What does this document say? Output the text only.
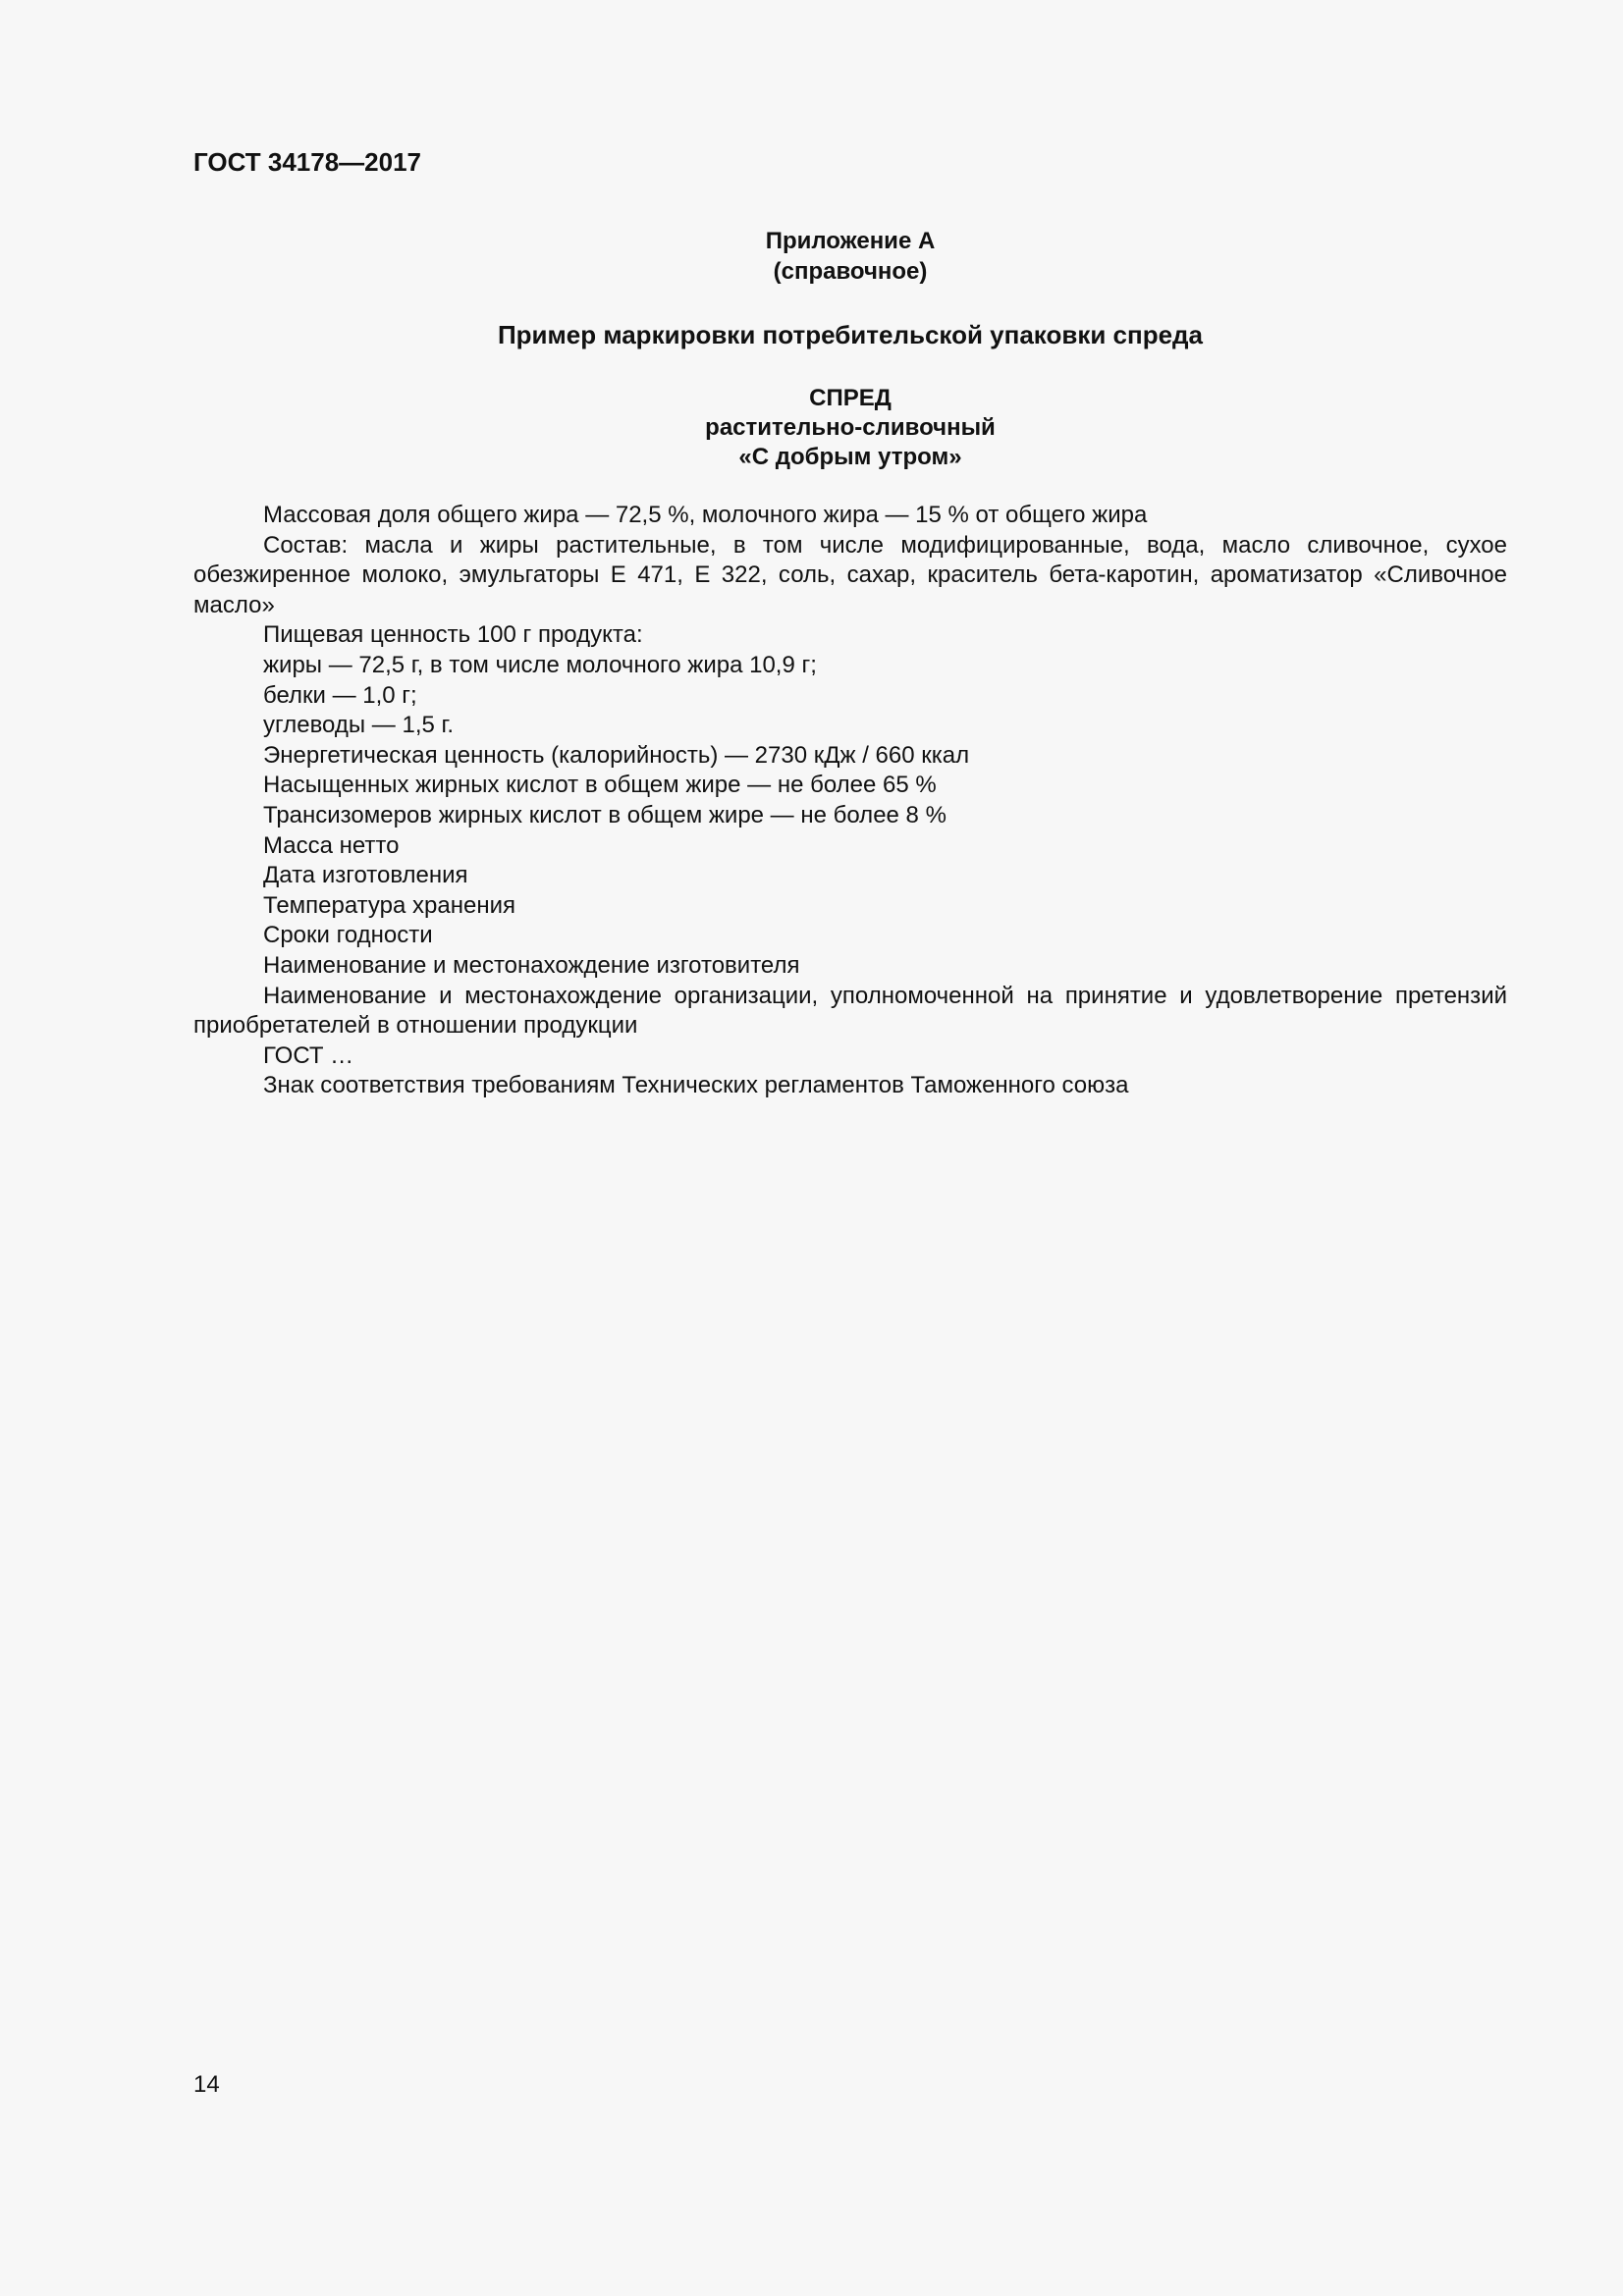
ГОСТ 34178—2017
Приложение А
(справочное)
Пример маркировки потребительской упаковки спреда
СПРЕД
растительно-сливочный
«С добрым утром»

Массовая доля общего жира — 72,5 %, молочного жира — 15 % от общего жира

Состав: масла и жиры растительные, в том числе модифицированные, вода, масло сливочное, сухое обезжиренное молоко, эмульгаторы Е 471, Е 322, соль, сахар, краситель бета-каротин, ароматизатор «Сливочное масло»

Пищевая ценность 100 г продукта:

жиры — 72,5 г, в том числе молочного жира 10,9 г;

белки — 1,0 г;

углеводы — 1,5 г.

Энергетическая ценность (калорийность) — 2730 кДж / 660 ккал

Насыщенных жирных кислот в общем жире — не более 65 %

Трансизомеров жирных кислот в общем жире — не более 8 %

Масса нетто

Дата изготовления

Температура хранения

Сроки годности

Наименование и местонахождение изготовителя

Наименование и местонахождение организации, уполномоченной на принятие и удовлетворение претензий приобретателей в отношении продукции

ГОСТ …

Знак соответствия требованиям Технических регламентов Таможенного союза

14
